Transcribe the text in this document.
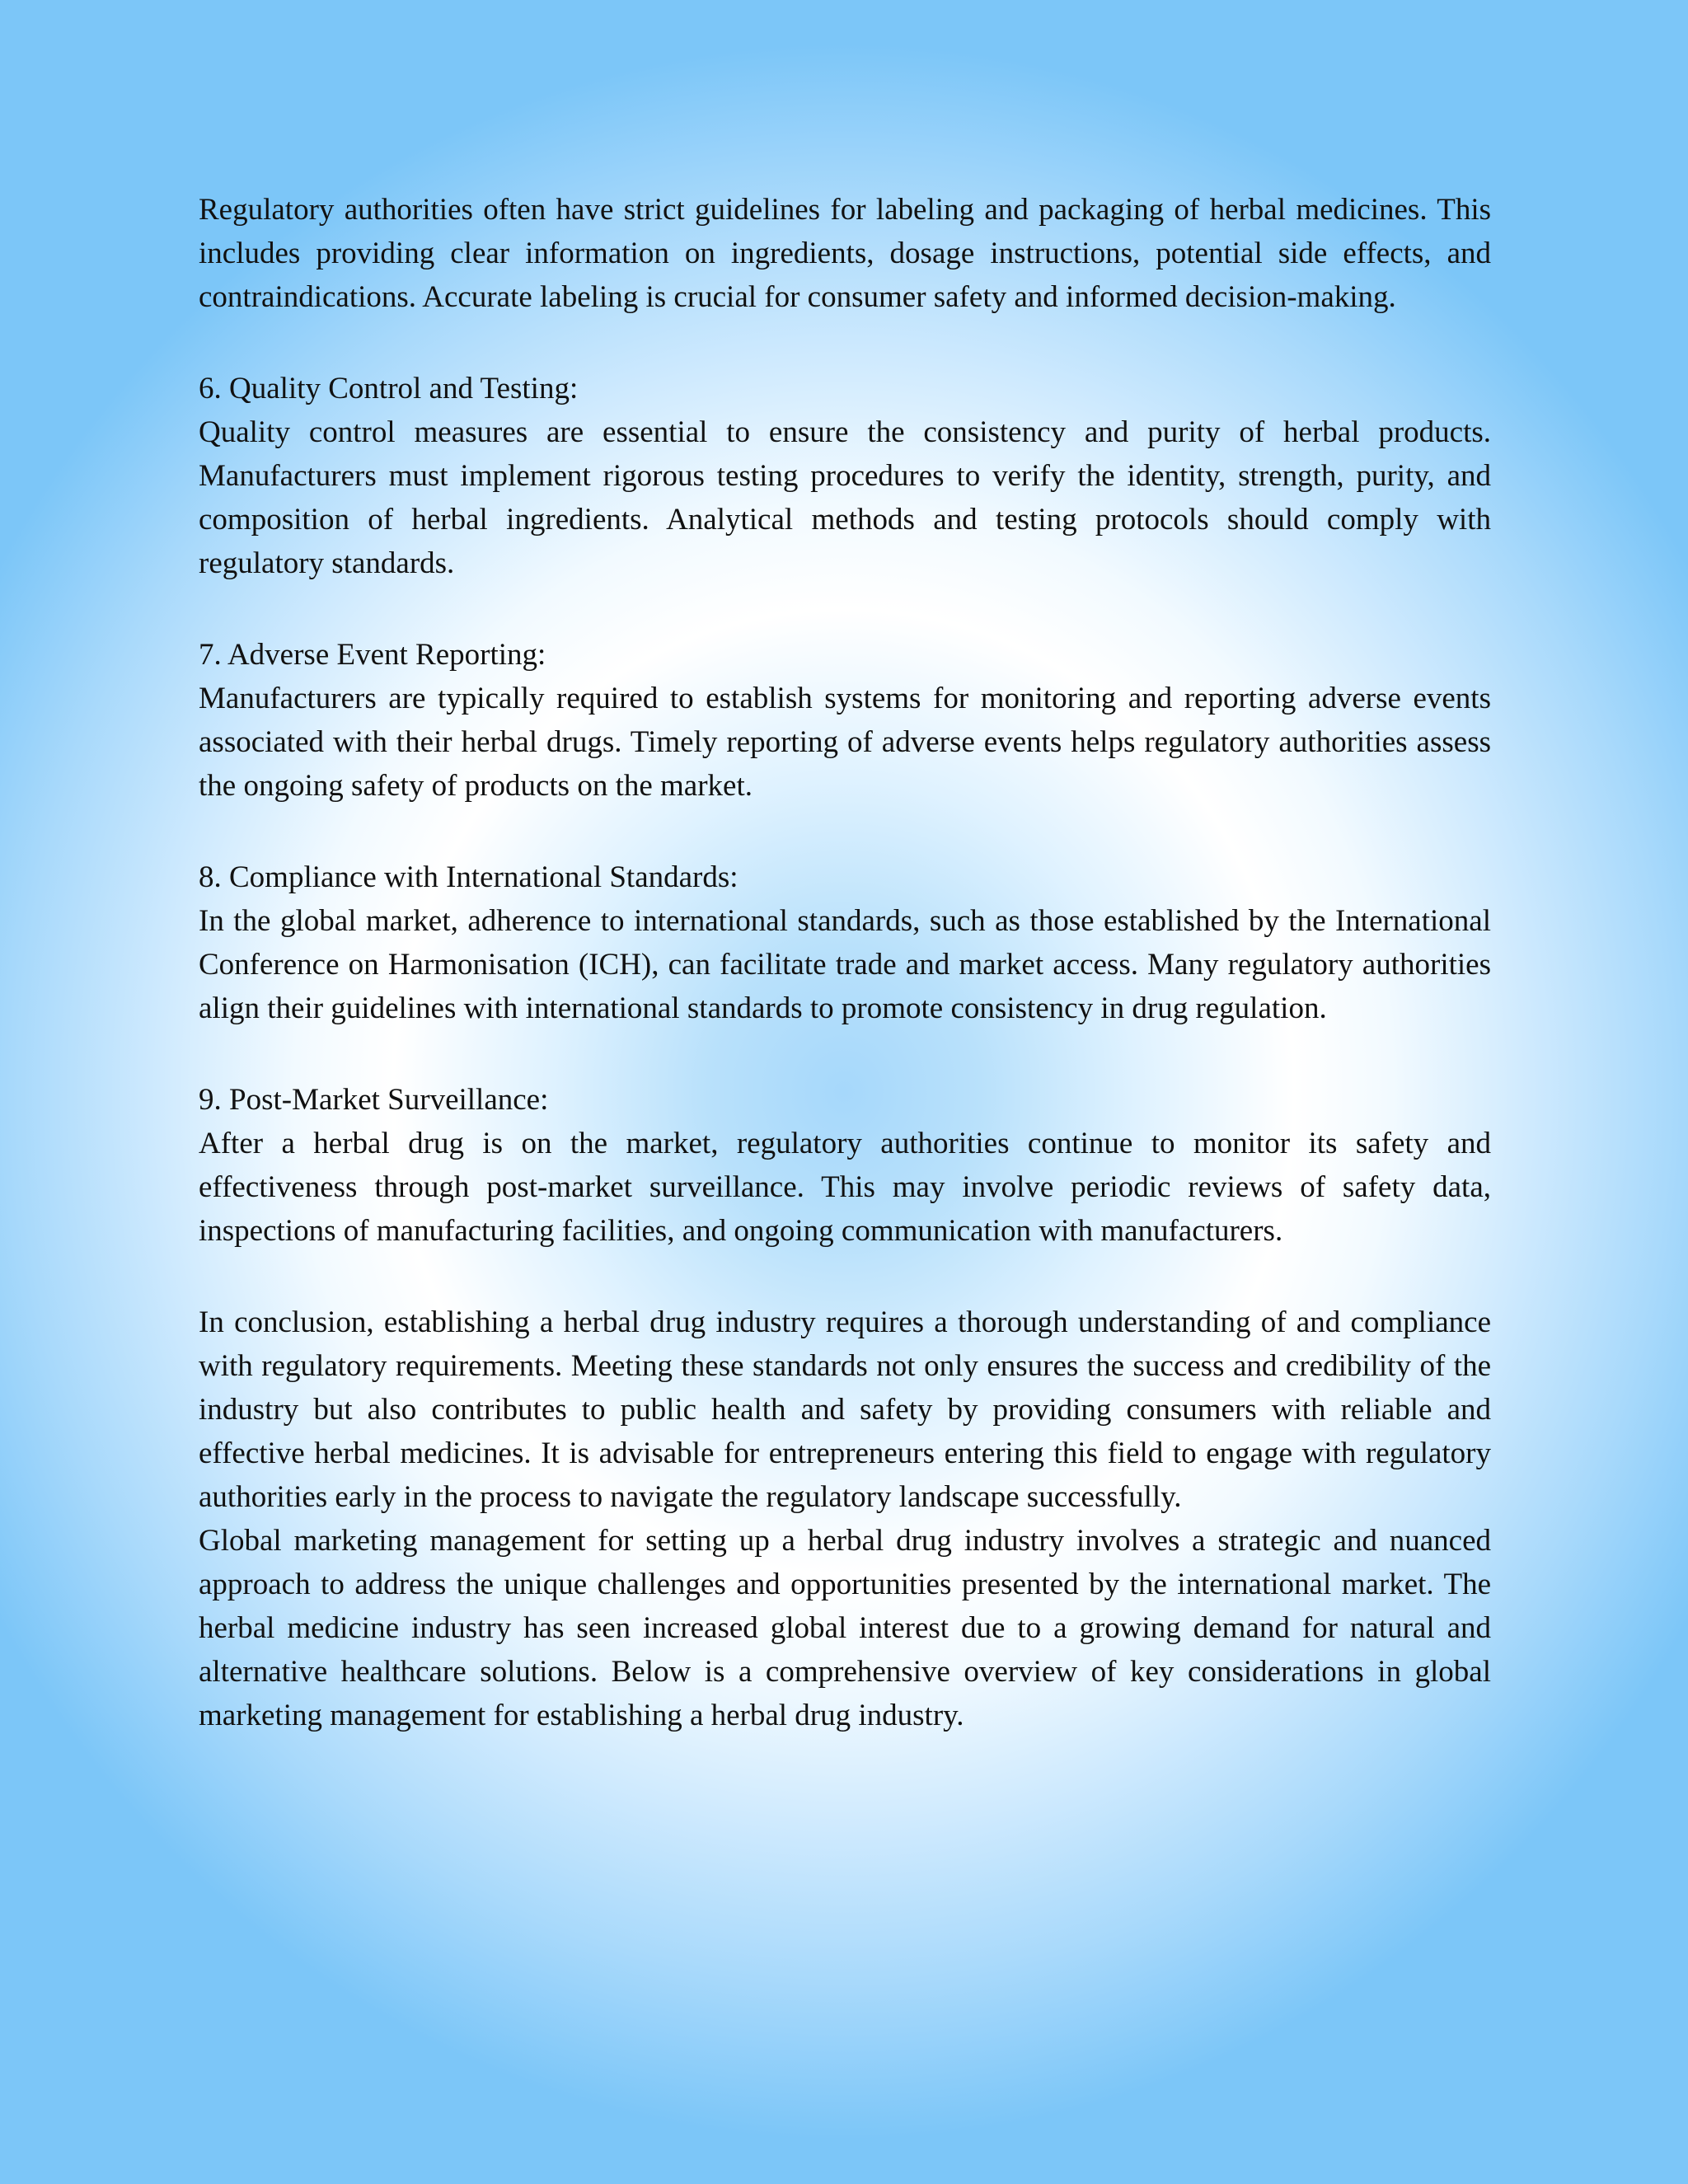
Regulatory authorities often have strict guidelines for labeling and packaging of herbal medicines. This includes providing clear information on ingredients, dosage instructions, potential side effects, and contraindications. Accurate labeling is crucial for consumer safety and informed decision-making.

6. Quality Control and Testing:

Quality control measures are essential to ensure the consistency and purity of herbal products. Manufacturers must implement rigorous testing procedures to verify the identity, strength, purity, and composition of herbal ingredients. Analytical methods and testing protocols should comply with regulatory standards.

7. Adverse Event Reporting:

Manufacturers are typically required to establish systems for monitoring and reporting adverse events associated with their herbal drugs. Timely reporting of adverse events helps regulatory authorities assess the ongoing safety of products on the market.

8. Compliance with International Standards:

In the global market, adherence to international standards, such as those established by the International Conference on Harmonisation (ICH), can facilitate trade and market access. Many regulatory authorities align their guidelines with international standards to promote consistency in drug regulation.

9. Post-Market Surveillance:

After a herbal drug is on the market, regulatory authorities continue to monitor its safety and effectiveness through post-market surveillance. This may involve periodic reviews of safety data, inspections of manufacturing facilities, and ongoing communication with manufacturers.

In conclusion, establishing a herbal drug industry requires a thorough understanding of and compliance with regulatory requirements. Meeting these standards not only ensures the success and credibility of the industry but also contributes to public health and safety by providing consumers with reliable and effective herbal medicines. It is advisable for entrepreneurs entering this field to engage with regulatory authorities early in the process to navigate the regulatory landscape successfully.

Global marketing management for setting up a herbal drug industry involves a strategic and nuanced approach to address the unique challenges and opportunities presented by the international market. The herbal medicine industry has seen increased global interest due to a growing demand for natural and alternative healthcare solutions. Below is a comprehensive overview of key considerations in global marketing management for establishing a herbal drug industry.
